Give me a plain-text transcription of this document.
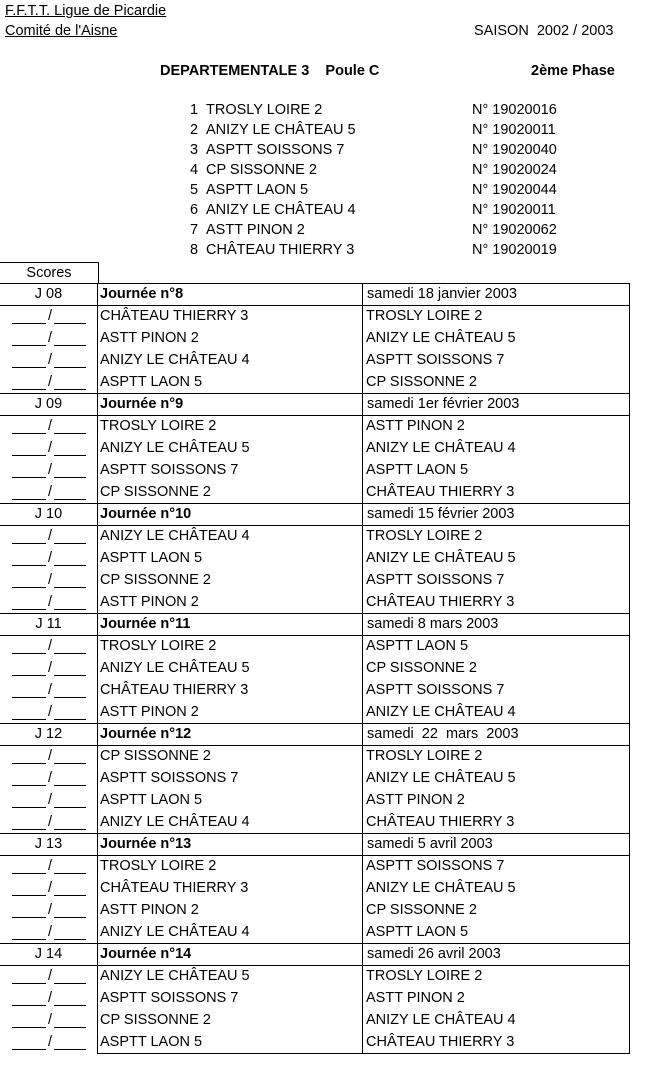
F.F.T.T. Ligue de Picardie
Comité de l'Aisne	SAISON  2002 / 2003
DEPARTEMENTALE 3    Poule C	2ème Phase
1 TROSLY LOIRE 2	N° 19020016
2 ANIZY LE CHÂTEAU 5	N° 19020011
3 ASPTT SOISSONS 7	N° 19020040
4 CP SISSONNE 2	N° 19020024
5 ASPTT LAON 5	N° 19020044
6 ANIZY LE CHÂTEAU 4	N° 19020011
7 ASTT PINON 2	N° 19020062
8 CHÂTEAU THIERRY 3	N° 19020019
Scores
J 08	Journée n°8	samedi 18 janvier 2003
/	CHÂTEAU THIERRY 3	TROSLY LOIRE 2
/	ASTT PINON 2	ANIZY LE CHÂTEAU 5
/	ANIZY LE CHÂTEAU 4	ASPTT SOISSONS 7
/	ASPTT LAON 5	CP SISSONNE 2
J 09	Journée n°9	samedi 1er février 2003
/	TROSLY LOIRE 2	ASTT PINON 2
/	ANIZY LE CHÂTEAU 5	ANIZY LE CHÂTEAU 4
/	ASPTT SOISSONS 7	ASPTT LAON 5
/	CP SISSONNE 2	CHÂTEAU THIERRY 3
J 10	Journée n°10	samedi 15 février 2003
/	ANIZY LE CHÂTEAU 4	TROSLY LOIRE 2
/	ASPTT LAON 5	ANIZY LE CHÂTEAU 5
/	CP SISSONNE 2	ASPTT SOISSONS 7
/	ASTT PINON 2	CHÂTEAU THIERRY 3
J 11	Journée n°11	samedi 8 mars 2003
/	TROSLY LOIRE 2	ASPTT LAON 5
/	ANIZY LE CHÂTEAU 5	CP SISSONNE 2
/	CHÂTEAU THIERRY 3	ASPTT SOISSONS 7
/	ASTT PINON 2	ANIZY LE CHÂTEAU 4
J 12	Journée n°12	samedi  22  mars  2003
/	CP SISSONNE 2	TROSLY LOIRE 2
/	ASPTT SOISSONS 7	ANIZY LE CHÂTEAU 5
/	ASPTT LAON 5	ASTT PINON 2
/	ANIZY LE CHÂTEAU 4	CHÂTEAU THIERRY 3
J 13	Journée n°13	samedi 5 avril 2003
/	TROSLY LOIRE 2	ASPTT SOISSONS 7
/	CHÂTEAU THIERRY 3	ANIZY LE CHÂTEAU 5
/	ASTT PINON 2	CP SISSONNE 2
/	ANIZY LE CHÂTEAU 4	ASPTT LAON 5
J 14	Journée n°14	samedi 26 avril 2003
/	ANIZY LE CHÂTEAU 5	TROSLY LOIRE 2
/	ASPTT SOISSONS 7	ASTT PINON 2
/	CP SISSONNE 2	ANIZY LE CHÂTEAU 4
/	ASPTT LAON 5	CHÂTEAU THIERRY 3
